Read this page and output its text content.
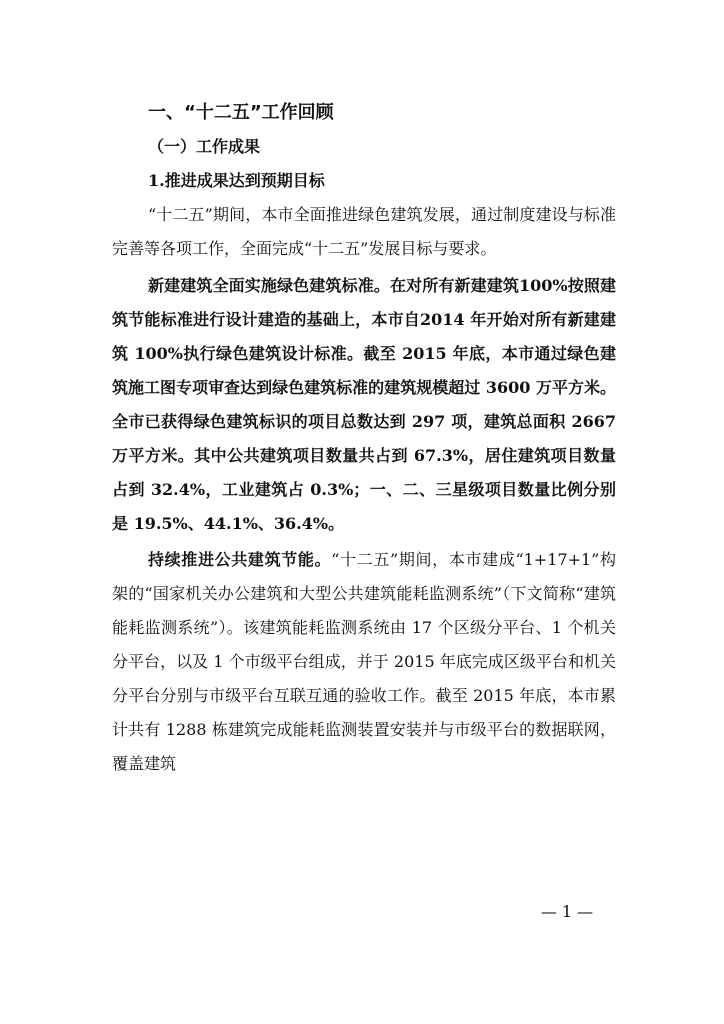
一、“十二五”工作回顾
（一）工作成果
1.推进成果达到预期目标

“十二五”期间，本市全面推进绿色建筑发展，通过制度建设与标准完善等各项工作，全面完成“十二五”发展目标与要求。

新建建筑全面实施绿色建筑标准。在对所有新建建筑100%按照建筑节能标准进行设计建造的基础上，本市自2014 年开始对所有新建建筑 100%执行绿色建筑设计标准。截至 2015 年底，本市通过绿色建筑施工图专项审查达到绿色建筑标准的建筑规模超过 3600 万平方米。全市已获得绿色建筑标识的项目总数达到 297 项，建筑总面积 2667 万平方米。其中公共建筑项目数量共占到 67.3%，居住建筑项目数量占到 32.4%，工业建筑占 0.3%；一、二、三星级项目数量比例分别是 19.5%、44.1%、36.4%。

持续推进公共建筑节能。“十二五”期间，本市建成“1+17+1”构架的“国家机关办公建筑和大型公共建筑能耗监测系统”（下文简称“建筑能耗监测系统”）。该建筑能耗监测系统由 17 个区级分平台、1 个机关分平台，以及 1 个市级平台组成，并于 2015 年底完成区级平台和机关分平台分别与市级平台互联互通的验收工作。截至 2015 年底，本市累计共有 1288 栋建筑完成能耗监测装置安装并与市级平台的数据联网，覆盖建筑

— 1 —
